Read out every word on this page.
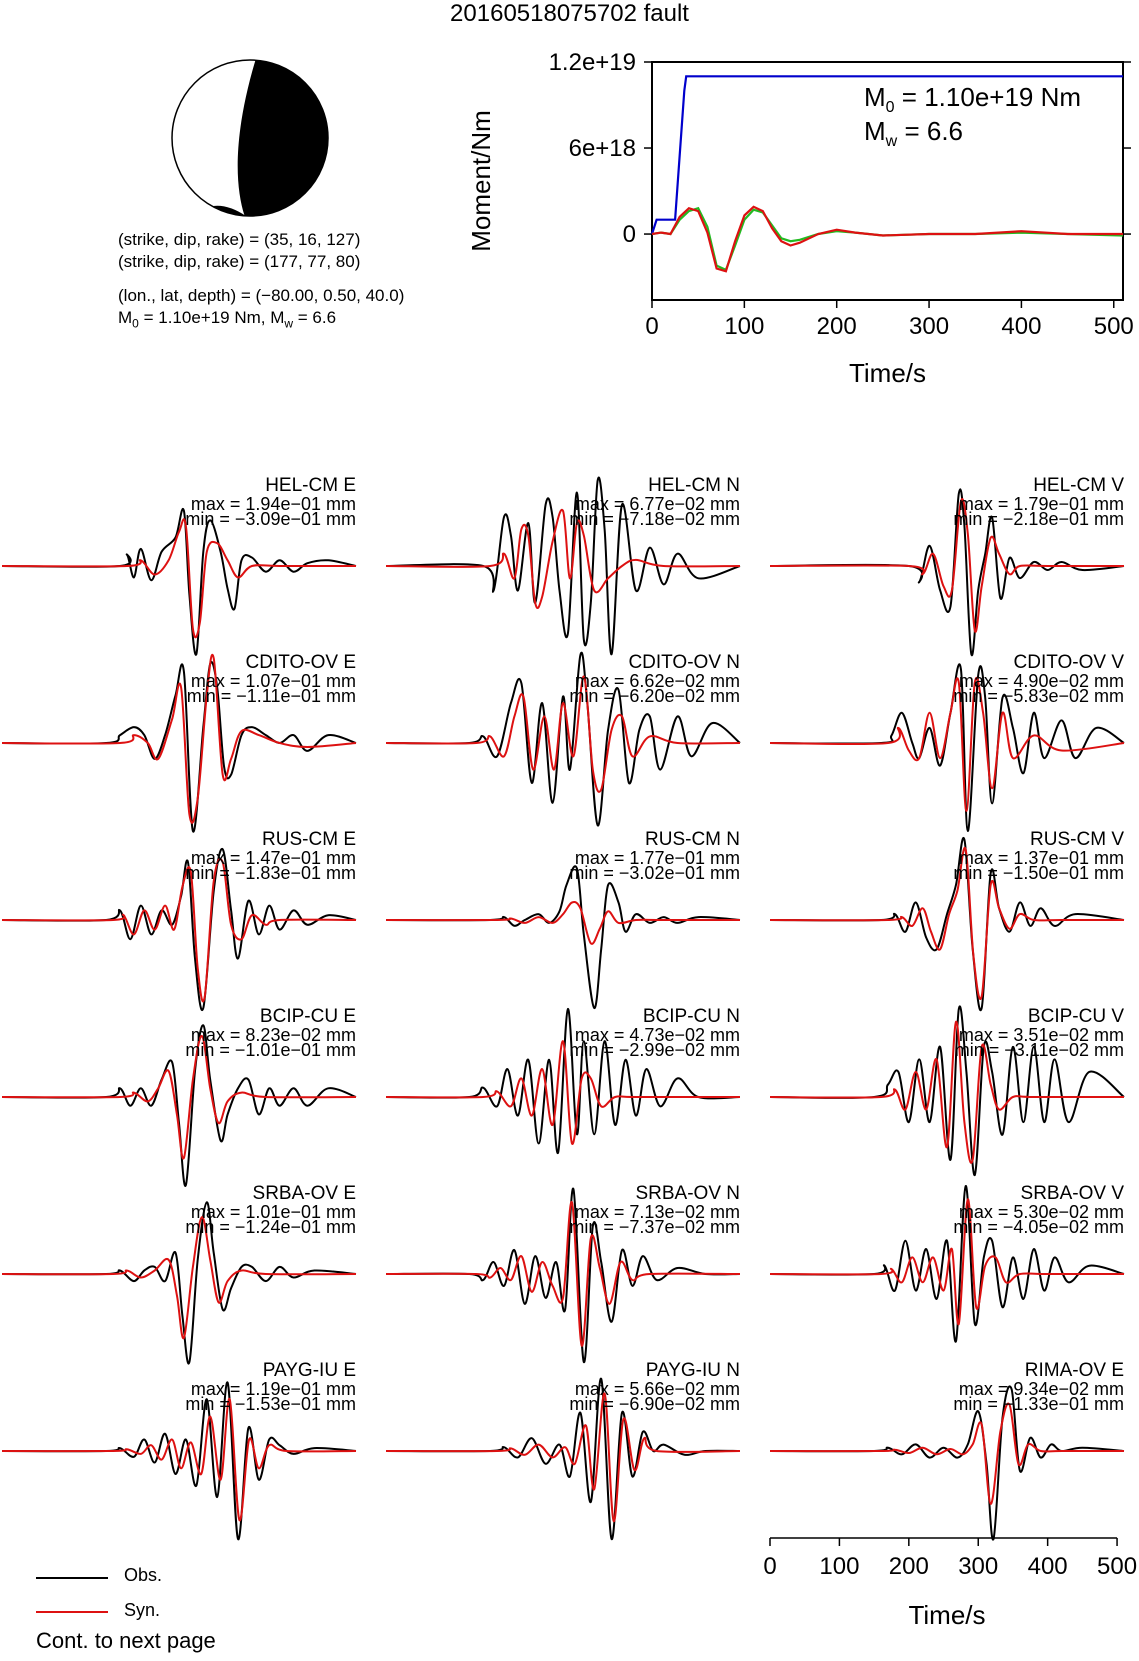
20160518075702 fault
(strike, dip, rake) = (35, 16, 127)
(strike, dip, rake) = (177, 77, 80)
(lon., lat, depth) = (−80.00, 0.50, 40.0)
$M_0 = 1.10e+19$ Nm, $M_w = 6.6$	0	100 200 300 400 500
0
6e+18
1.2e+19
Time/s
Moment/Nm
$M_0 = 1.10e+19$ Nm
$M_w = 6.6$
0 100 200 300 400 500
Time/s
HEL-CM E
max = 1.94e−01 mm
min = −3.09e−01 mm
HEL-CM N
max = 6.77e−02 mm
min = −7.18e−02 mm
HEL-CM V
max = 1.79e−01 mm
min = −2.18e−01 mm
CDITO-OV E
max = 1.07e−01 mm
min = −1.11e−01 mm
CDITO-OV N
max = 6.62e−02 mm
min = −6.20e−02 mm
CDITO-OV V
max = 4.90e−02 mm
min = −5.83e−02 mm
RUS-CM E
max = 1.47e−01 mm
min = −1.83e−01 mm
RUS-CM N
max = 1.77e−01 mm
min = −3.02e−01 mm
RUS-CM V
max = 1.37e−01 mm
min = −1.50e−01 mm
BCIP-CU E
max = 8.23e−02 mm
min = −1.01e−01 mm
BCIP-CU N
max = 4.73e−02 mm
min = −2.99e−02 mm
BCIP-CU V
max = 3.51e−02 mm
min = −3.11e−02 mm
SRBA-OV E
max = 1.01e−01 mm
min = −1.24e−01 mm
SRBA-OV N
max = 7.13e−02 mm
min = −7.37e−02 mm
SRBA-OV V
max = 5.30e−02 mm
min = −4.05e−02 mm
PAYG-IU E
max = 1.19e−01 mm
min = −1.53e−01 mm
PAYG-IU N
max = 5.66e−02 mm
min = −6.90e−02 mm
RIMA-OV E
max = 9.34e−02 mm
min = −1.33e−01 mm
Obs.
Syn.
Cont. to next page
